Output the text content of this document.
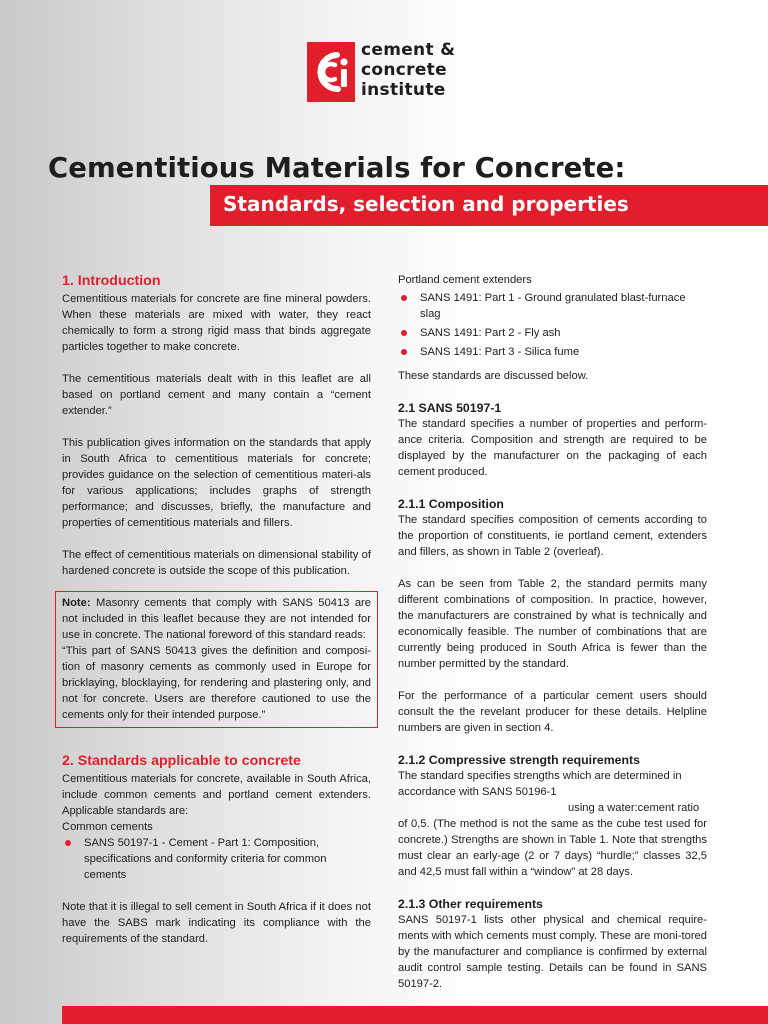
cement &
concrete
institute
Cementitious Materials for Concrete:
Standards, selection and properties
1. Introduction

Cementitious materials for concrete are fine mineral powders. When these materials are mixed with water, they react chemically to form a strong rigid mass that binds aggregate particles together to make concrete.

The cementitious materials dealt with in this leaflet are all based on portland cement and many contain a “cement extender.”

This publication gives information on the standards that apply in South Africa to cementitious materials for concrete; provides guidance on the selection of cementitious materi-als for various applications; includes graphs of strength performance; and discusses, briefly, the manufacture and properties of cementitious materials and fillers.

The effect of cementitious materials on dimensional stability of hardened concrete is outside the scope of this publication.

Note: Masonry cements that comply with SANS 50413 are not included in this leaflet because they are not intended for use in concrete. The national foreword of this standard reads:

“This part of SANS 50413 gives the definition and composi-tion of masonry cements as commonly used in Europe for bricklaying, blocklaying, for rendering and plastering only, and not for concrete. Users are therefore cautioned to use the cements only for their intended purpose.”

2. Standards applicable to concrete

Cementitious materials for concrete, available in South Africa, include common cements and portland cement extenders. Applicable standards are:

Common cements

SANS 50197-1 - Cement - Part 1: Composition, specifications and conformity criteria for common cements

Note that it is illegal to sell cement in South Africa if it does not have the SABS mark indicating its compliance with the requirements of the standard.

Portland cement extenders

SANS 1491: Part 1 - Ground granulated blast-furnace slag
SANS 1491: Part 2 - Fly ash
SANS 1491: Part 3 - Silica fume

These standards are discussed below.

2.1 SANS 50197-1

The standard specifies a number of properties and perform-ance criteria. Composition and strength are required to be displayed by the manufacturer on the packaging of each cement produced.

2.1.1 Composition

The standard specifies composition of cements according to the proportion of constituents, ie portland cement, extenders and fillers, as shown in Table 2 (overleaf).

As can be seen from Table 2, the standard permits many different combinations of composition. In practice, however, the manufacturers are constrained by what is technically and economically feasible. The number of combinations that are currently being produced in South Africa is fewer than the number permitted by the standard.

For the performance of a particular cement users should consult the the revelant producer for these details. Helpline numbers are given in section 4.

2.1.2 Compressive strength requirements

The standard specifies strengths which are determined in accordance with SANS 50196-1

using a water:cement ratio

of 0,5. (The method is not the same as the cube test used for concrete.) Strengths are shown in Table 1. Note that strengths must clear an early-age (2 or 7 days) “hurdle;” classes 32,5 and 42,5 must fall within a “window” at 28 days.

2.1.3 Other requirements

SANS 50197-1 lists other physical and chemical require-ments with which cements must comply. These are moni-tored by the manufacturer and compliance is confirmed by external audit control sample testing. Details can be found in SANS 50197-2.
